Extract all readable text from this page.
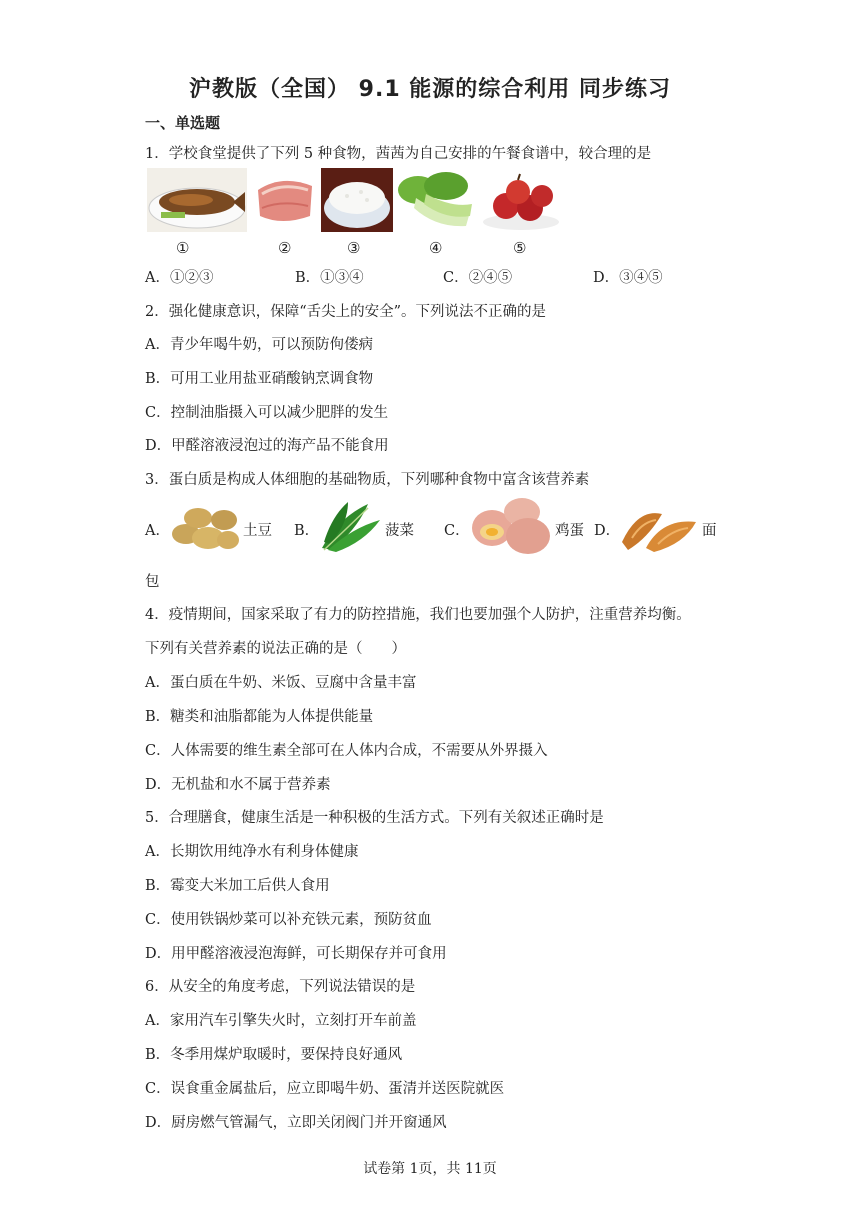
沪教版（全国） 9.1 能源的综合利用 同步练习
一、单选题
1．学校食堂提供了下列 5 种食物，茜茜为自己安排的午餐食谱中，较合理的是
①	②	③	④	⑤
A．①②③	B．①③④	C．②④⑤	D．③④⑤
2．强化健康意识，保障“舌尖上的安全”。下列说法不正确的是
A．青少年喝牛奶，可以预防佝偻病
B．可用工业用盐亚硝酸钠烹调食物
C．控制油脂摄入可以减少肥胖的发生
D．甲醛溶液浸泡过的海产品不能食用
3．蛋白质是构成人体细胞的基础物质，下列哪种食物中富含该营养素
A．	土豆 B．	菠菜 C．	鸡蛋 D．	面
包
4．疫情期间，国家采取了有力的防控措施，我们也要加强个人防护，注重营养均衡。
下列有关营养素的说法正确的是（　　）
A．蛋白质在牛奶、米饭、豆腐中含量丰富
B．糖类和油脂都能为人体提供能量
C．人体需要的维生素全部可在人体内合成，不需要从外界摄入
D．无机盐和水不属于营养素
5．合理膳食，健康生活是一种积极的生活方式。下列有关叙述正确时是
A．长期饮用纯净水有利身体健康
B．霉变大米加工后供人食用
C．使用铁锅炒菜可以补充铁元素，预防贫血
D．用甲醛溶液浸泡海鲜，可长期保存并可食用
6．从安全的角度考虑，下列说法错误的是
A．家用汽车引擎失火时，立刻打开车前盖
B．冬季用煤炉取暖时，要保持良好通风
C．误食重金属盐后，应立即喝牛奶、蛋清并送医院就医
D．厨房燃气管漏气，立即关闭阀门并开窗通风
试卷第 1页，共 11页
